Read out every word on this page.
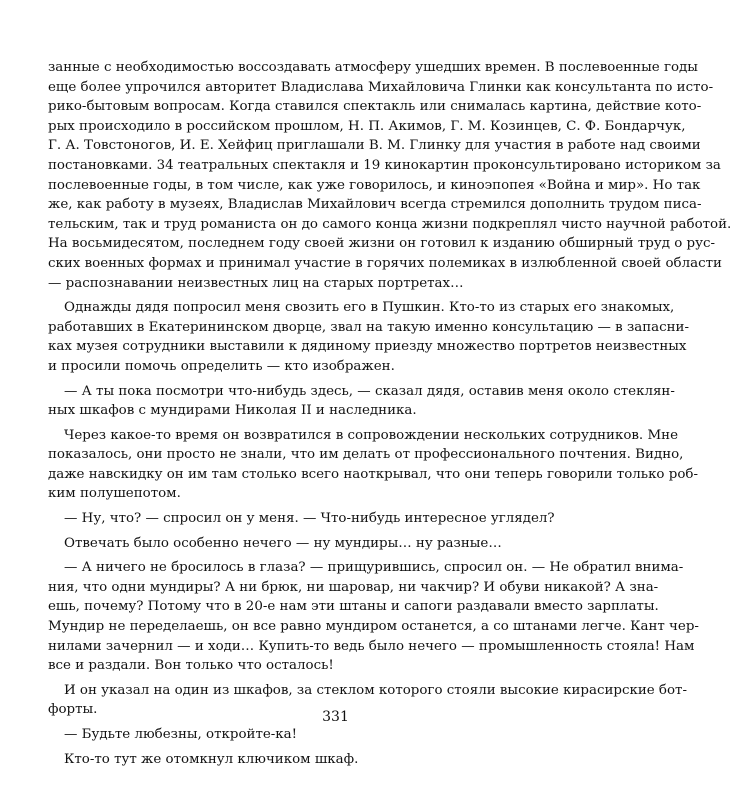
занные с необходимостью воссоздавать атмосферу ушедших времен. В послевоенные годы
еще более упрочился авторитет Владислава Михайловича Глинки как консультанта по исто-
рико-бытовым вопросам. Когда ставился спектакль или снималась картина, действие кото-
рых происходило в российском прошлом, Н. П. Акимов, Г. М. Козинцев, С. Ф. Бондарчук,
Г. А. Товстоногов, И. Е. Хейфиц приглашали В. М. Глинку для участия в работе над своими
постановками. 34 театральных спектакля и 19 кинокартин проконсультировано историком за
послевоенные годы, в том числе, как уже говорилось, и киноэпопея «Война и мир». Но так
же, как работу в музеях, Владислав Михайлович всегда стремился дополнить трудом писа-
тельским, так и труд романиста он до самого конца жизни подкреплял чисто научной работой.
На восьмидесятом, последнем году своей жизни он готовил к изданию обширный труд о рус-
ских военных формах и принимал участие в горячих полемиках в излюбленной своей области
— распознавании неизвестных лиц на старых портретах…
Однажды дядя попросил меня свозить его в Пушкин. Кто-то из старых его знакомых,
работавших в Екатерининском дворце, звал на такую именно консультацию — в запасни-
ках музея сотрудники выставили к дядиному приезду множество портретов неизвестных
и просили помочь определить — кто изображен.
— А ты пока посмотри что-нибудь здесь, — сказал дядя, оставив меня около стеклян-
ных шкафов с мундирами Николая II и наследника.
Через какое-то время он возвратился в сопровождении нескольких сотрудников. Мне
показалось, они просто не знали, что им делать от профессионального почтения. Видно,
даже навскидку он им там столько всего наоткрывал, что они теперь говорили только роб-
ким полушепотом.
— Ну, что? — спросил он у меня. — Что-нибудь интересное углядел?
Отвечать было особенно нечего — ну мундиры… ну разные…
— А ничего не бросилось в глаза? — прищурившись, спросил он. — Не обратил внима-
ния, что одни мундиры? А ни брюк, ни шаровар, ни чакчир? И обуви никакой? А зна-
ешь, почему? Потому что в 20-е нам эти штаны и сапоги раздавали вместо зарплаты.
Мундир не переделаешь, он все равно мундиром останется, а со штанами легче. Кант чер-
нилами зачернил — и ходи… Купить-то ведь было нечего — промышленность стояла! Нам
все и раздали. Вон только что осталось!
И он указал на один из шкафов, за стеклом которого стояли высокие кирасирские бот-
форты.
— Будьте любезны, откройте-ка!
Кто-то тут же отомкнул ключиком шкаф.
331
